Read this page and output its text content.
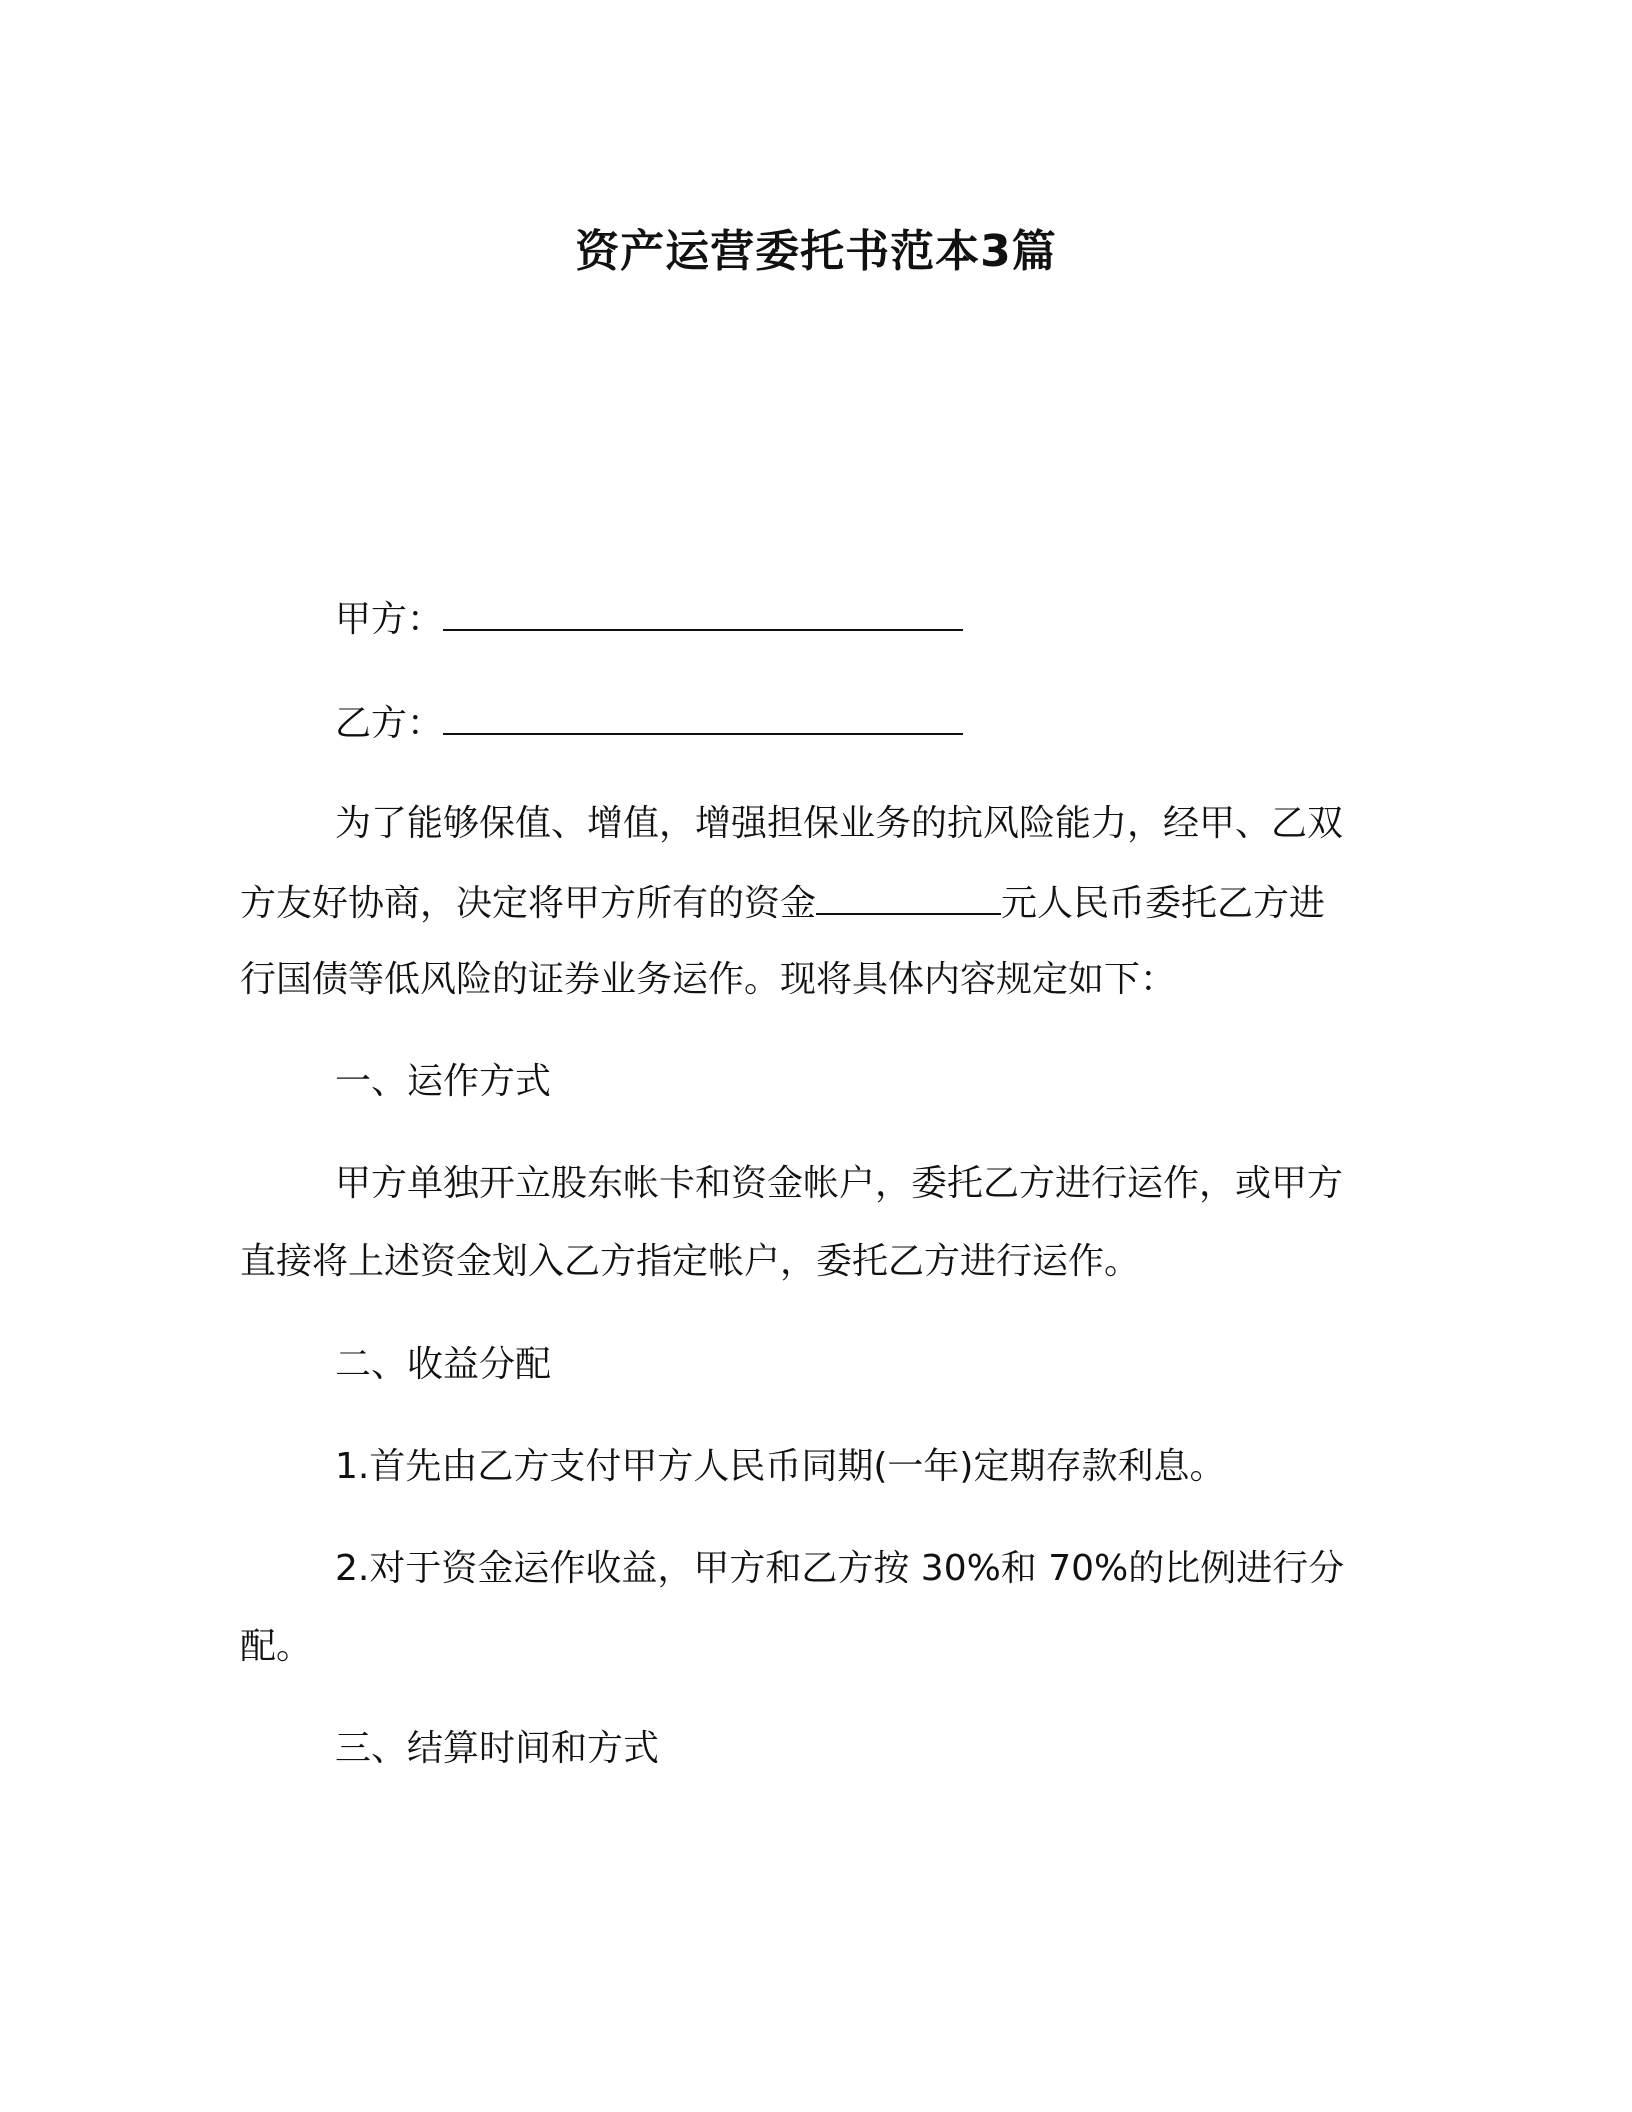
资产运营委托书范本3篇
甲方：
乙方：
为了能够保值、增值，增强担保业务的抗风险能力，经甲、乙双
方友好协商，决定将甲方所有的资金	元人民币委托乙方进
行国债等低风险的证券业务运作。现将具体内容规定如下：
一、运作方式
甲方单独开立股东帐卡和资金帐户，委托乙方进行运作，或甲方
直接将上述资金划入乙方指定帐户，委托乙方进行运作。
二、收益分配
1.首先由乙方支付甲方人民币同期(一年)定期存款利息。
2.对于资金运作收益，甲方和乙方按 30%和 70%的比例进行分
配。
三、结算时间和方式
